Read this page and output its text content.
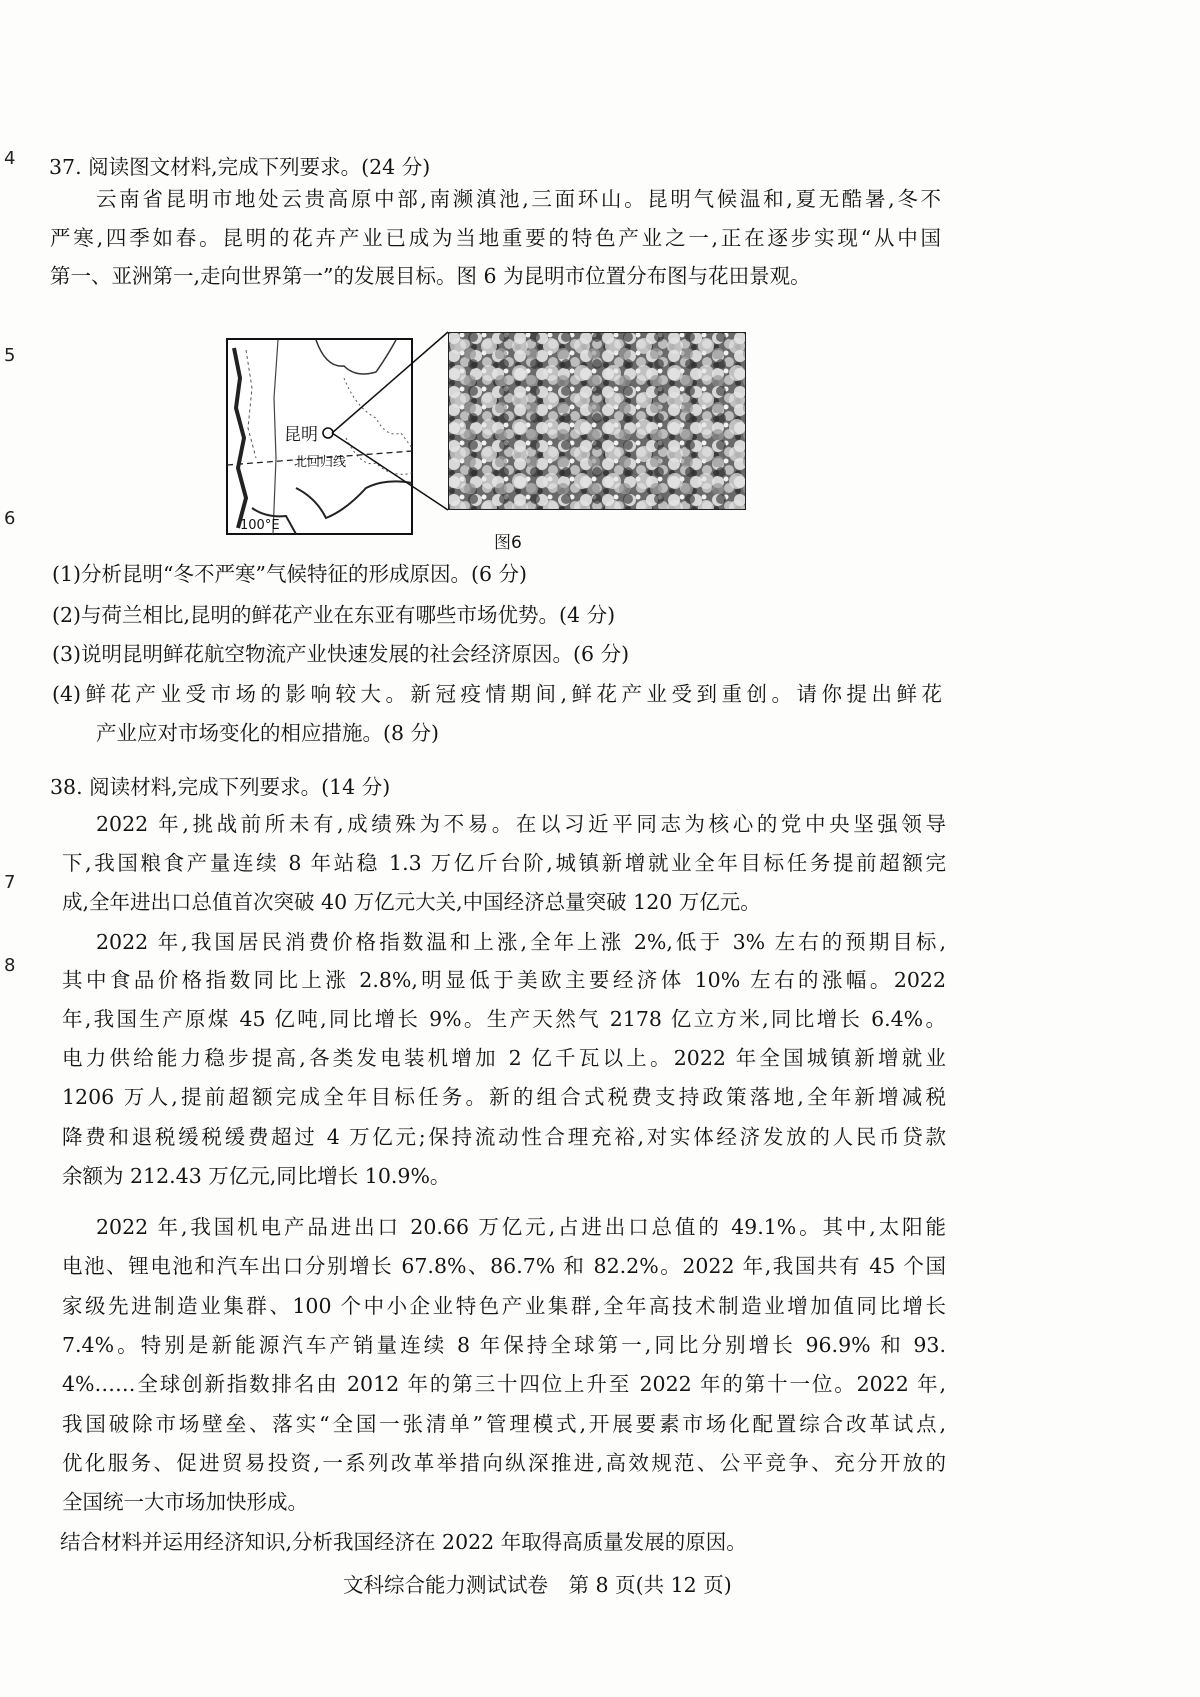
4
5
6
7
8
37. 阅读图文材料,完成下列要求。(24 分)
云南省昆明市地处云贵高原中部,南濒滇池,三面环山。昆明气候温和,夏无酷暑,冬不
严寒,四季如春。昆明的花卉产业已成为当地重要的特色产业之一,正在逐步实现“从中国
第一、亚洲第一,走向世界第一”的发展目标。图 6 为昆明市位置分布图与花田景观。
昆明
北回归线
100°E
图6
(1)分析昆明“冬不严寒”气候特征的形成原因。(6 分)
(2)与荷兰相比,昆明的鲜花产业在东亚有哪些市场优势。(4 分)
(3)说明昆明鲜花航空物流产业快速发展的社会经济原因。(6 分)
(4)鲜花产业受市场的影响较大。新冠疫情期间,鲜花产业受到重创。请你提出鲜花
产业应对市场变化的相应措施。(8 分)
38. 阅读材料,完成下列要求。(14 分)
2022 年,挑战前所未有,成绩殊为不易。在以习近平同志为核心的党中央坚强领导
下,我国粮食产量连续 8 年站稳 1.3 万亿斤台阶,城镇新增就业全年目标任务提前超额完
成,全年进出口总值首次突破 40 万亿元大关,中国经济总量突破 120 万亿元。
2022 年,我国居民消费价格指数温和上涨,全年上涨 2%,低于 3% 左右的预期目标,
其中食品价格指数同比上涨 2.8%,明显低于美欧主要经济体 10% 左右的涨幅。2022
年,我国生产原煤 45 亿吨,同比增长 9%。生产天然气 2178 亿立方米,同比增长 6.4%。
电力供给能力稳步提高,各类发电装机增加 2 亿千瓦以上。2022 年全国城镇新增就业
1206 万人,提前超额完成全年目标任务。新的组合式税费支持政策落地,全年新增减税
降费和退税缓税缓费超过 4 万亿元;保持流动性合理充裕,对实体经济发放的人民币贷款
余额为 212.43 万亿元,同比增长 10.9%。
2022 年,我国机电产品进出口 20.66 万亿元,占进出口总值的 49.1%。其中,太阳能
电池、锂电池和汽车出口分别增长 67.8%、86.7% 和 82.2%。2022 年,我国共有 45 个国
家级先进制造业集群、100 个中小企业特色产业集群,全年高技术制造业增加值同比增长
7.4%。特别是新能源汽车产销量连续 8 年保持全球第一,同比分别增长 96.9% 和 93.
4%……全球创新指数排名由 2012 年的第三十四位上升至 2022 年的第十一位。2022 年,
我国破除市场壁垒、落实“全国一张清单”管理模式,开展要素市场化配置综合改革试点,
优化服务、促进贸易投资,一系列改革举措向纵深推进,高效规范、公平竞争、充分开放的
全国统一大市场加快形成。
结合材料并运用经济知识,分析我国经济在 2022 年取得高质量发展的原因。
文科综合能力测试试卷　第 8 页(共 12 页)
